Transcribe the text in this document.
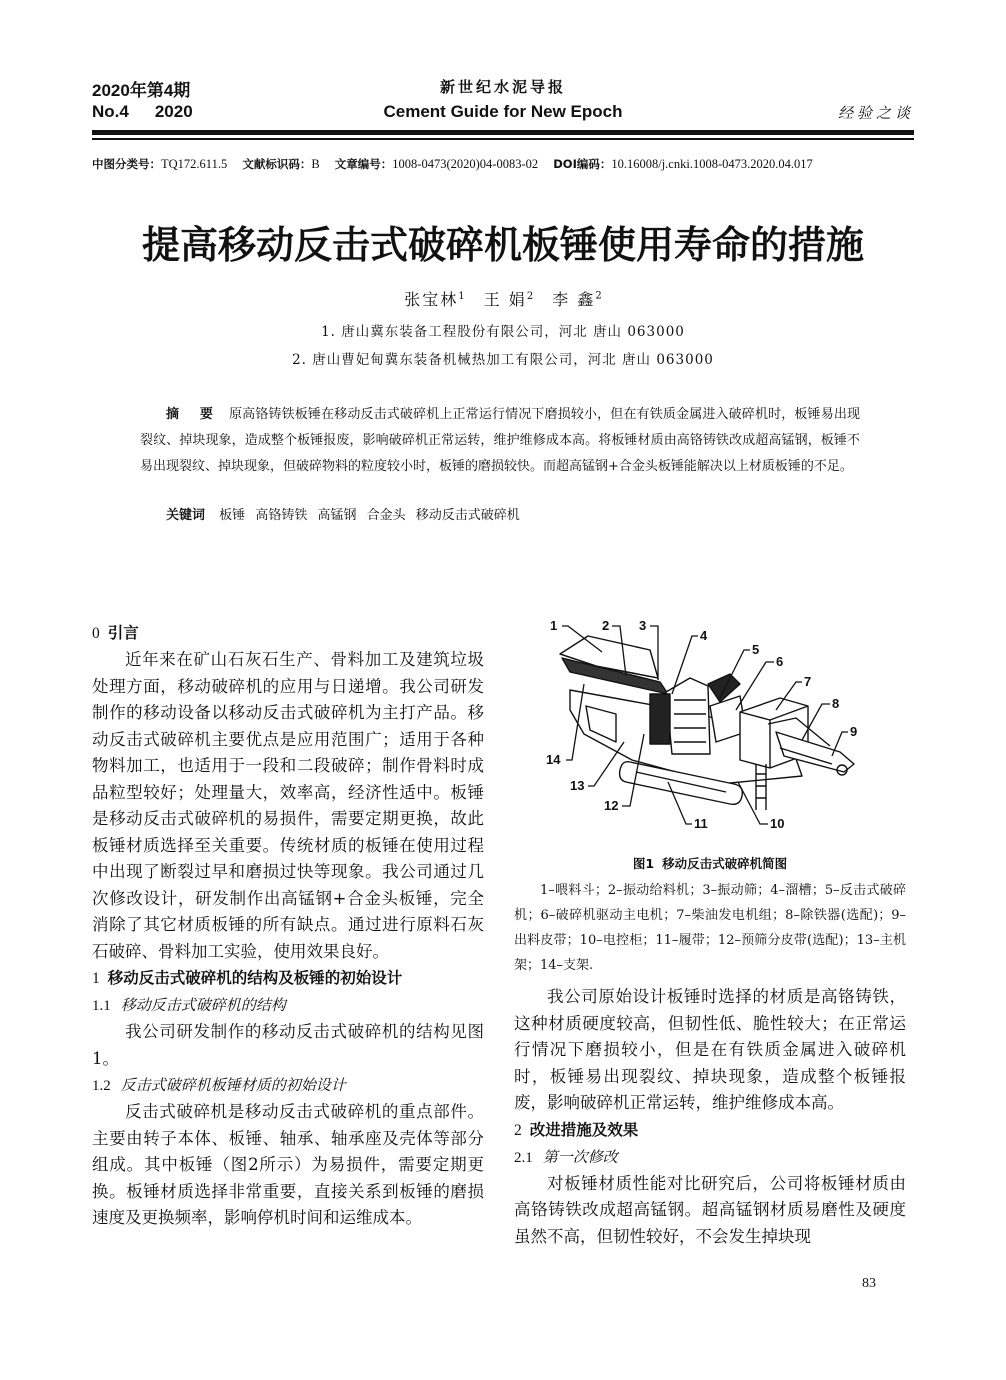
2020年第4期
No.4 2020
新世纪水泥导报
Cement Guide for New Epoch	经验之谈
中图分类号：TQ172.611.5 文献标识码：B 文章编号：1008-0473(2020)04-0083-02 DOI编码：10.16008/j.cnki.1008-0473.2020.04.017
提高移动反击式破碎机板锤使用寿命的措施
张宝林$^1$ 王 娟$^2$ 李 鑫$^2$
1. 唐山冀东装备工程股份有限公司，河北 唐山 063000
2. 唐山曹妃甸冀东装备机械热加工有限公司，河北 唐山 063000
摘 要 原高铬铸铁板锤在移动反击式破碎机上正常运行情况下磨损较小，但在有铁质金属进入破碎机时，板锤易出现裂纹、掉块现象，造成整个板锤报废，影响破碎机正常运转，维护维修成本高。将板锤材质由高铬铸铁改成超高锰钢，板锤不易出现裂纹、掉块现象，但破碎物料的粒度较小时，板锤的磨损较快。而超高锰钢+合金头板锤能解决以上材质板锤的不足。
关键词 板锤 高铬铸铁 高锰钢 合金头 移动反击式破碎机
0 引言

近年来在矿山石灰石生产、骨料加工及建筑垃圾处理方面，移动破碎机的应用与日递增。我公司研发制作的移动设备以移动反击式破碎机为主打产品。移动反击式破碎机主要优点是应用范围广；适用于各种物料加工，也适用于一段和二段破碎；制作骨料时成品粒型较好；处理量大，效率高，经济性适中。板锤是移动反击式破碎机的易损件，需要定期更换，故此板锤材质选择至关重要。传统材质的板锤在使用过程中出现了断裂过早和磨损过快等现象。我公司通过几次修改设计，研发制作出高锰钢+合金头板锤，完全消除了其它材质板锤的所有缺点。通过进行原料石灰石破碎、骨料加工实验，使用效果良好。

1 移动反击式破碎机的结构及板锤的初始设计
1.1 移动反击式破碎机的结构

我公司研发制作的移动反击式破碎机的结构见图1。

1.2 反击式破碎机板锤材质的初始设计

反击式破碎机是移动反击式破碎机的重点部件。主要由转子本体、板锤、轴承、轴承座及壳体等部分组成。其中板锤（图2所示）为易损件，需要定期更换。板锤材质选择非常重要，直接关系到板锤的磨损速度及更换频率，影响停机时间和运维成本。

1	2 3
4
5
6
7
8
9
10
11
12
13
14
图1 移动反击式破碎机简图
1–喂料斗；2–振动给料机；3–振动筛；4–溜槽；5–反击式破碎机；6–破碎机驱动主电机；7–柴油发电机组；8–除铁器(选配)；9–出料皮带；10–电控柜；11–履带；12–预筛分皮带(选配)；13–主机架；14–支架.

我公司原始设计板锤时选择的材质是高铬铸铁，这种材质硬度较高，但韧性低、脆性较大；在正常运行情况下磨损较小，但是在有铁质金属进入破碎机时，板锤易出现裂纹、掉块现象，造成整个板锤报废，影响破碎机正常运转，维护维修成本高。

2 改进措施及效果
2.1 第一次修改

对板锤材质性能对比研究后，公司将板锤材质由高铬铸铁改成超高锰钢。超高锰钢材质易磨性及硬度虽然不高，但韧性较好，不会发生掉块现

83
